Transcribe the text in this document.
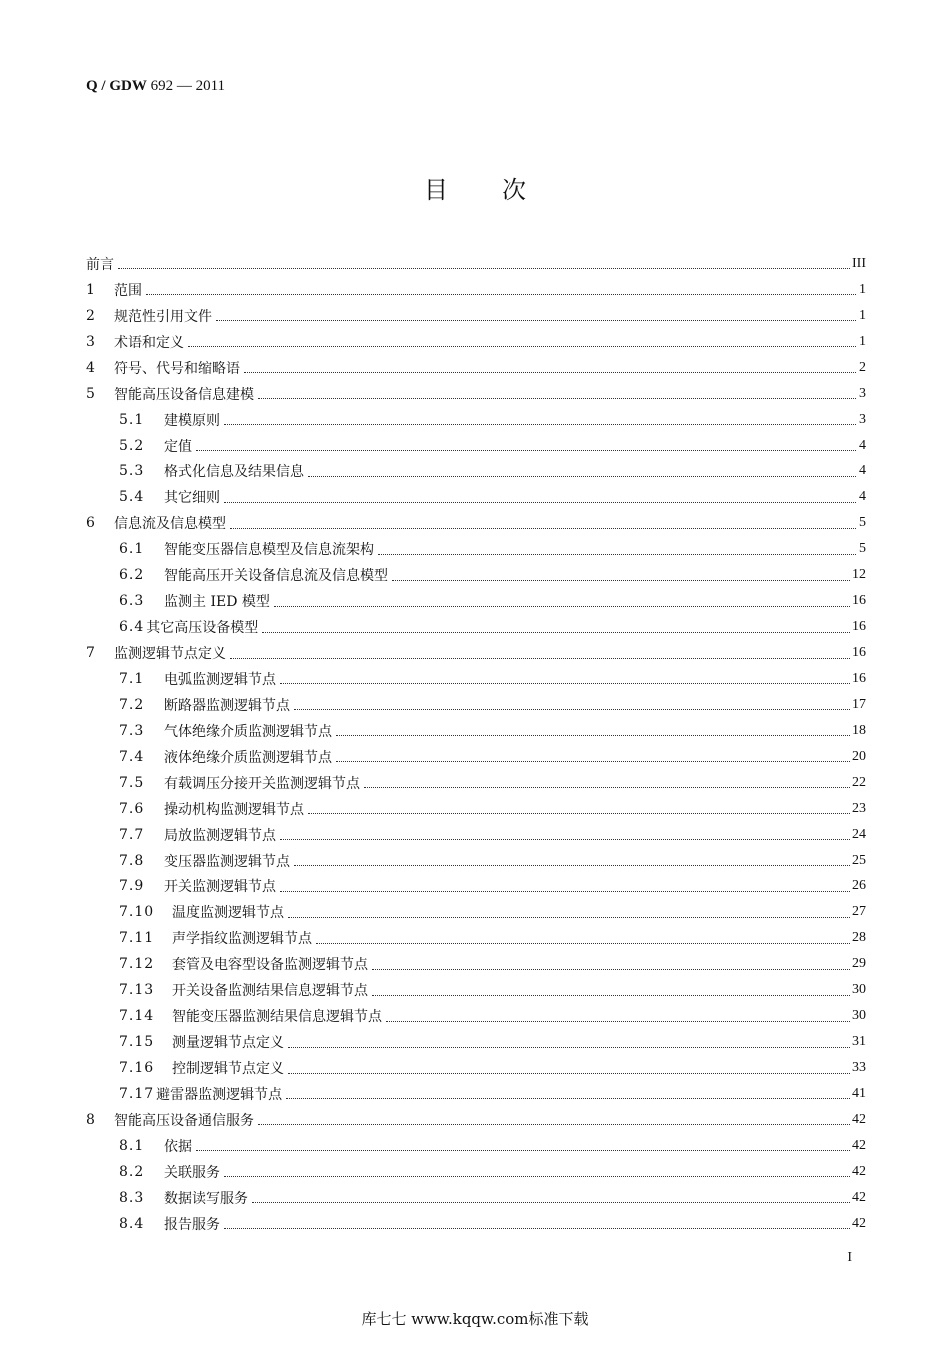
Q / GDW 692 — 2011
目 次
前言	III
1	范围	1
2	规范性引用文件	1
3	术语和定义	1
4	符号、代号和缩略语	2
5	智能高压设备信息建模	3
5.1	建模原则	3
5.2	定值	4
5.3	格式化信息及结果信息	4
5.4	其它细则	4
6	信息流及信息模型	5
6.1	智能变压器信息模型及信息流架构	5
6.2	智能高压开关设备信息流及信息模型	12
6.3	监测主 IED 模型	16
6.4 其它高压设备模型	16
7	监测逻辑节点定义	16
7.1	电弧监测逻辑节点	16
7.2	断路器监测逻辑节点	17
7.3	气体绝缘介质监测逻辑节点	18
7.4	液体绝缘介质监测逻辑节点	20
7.5	有载调压分接开关监测逻辑节点	22
7.6	操动机构监测逻辑节点	23
7.7	局放监测逻辑节点	24
7.8	变压器监测逻辑节点	25
7.9	开关监测逻辑节点	26
7.10	温度监测逻辑节点	27
7.11	声学指纹监测逻辑节点	28
7.12	套管及电容型设备监测逻辑节点	29
7.13	开关设备监测结果信息逻辑节点	30
7.14	智能变压器监测结果信息逻辑节点	30
7.15	测量逻辑节点定义	31
7.16	控制逻辑节点定义	33
7.17 避雷器监测逻辑节点	41
8	智能高压设备通信服务	42
8.1	依据	42
8.2	关联服务	42
8.3	数据读写服务	42
8.4	报告服务	42
I
库七七 www.kqqw.com标准下载
